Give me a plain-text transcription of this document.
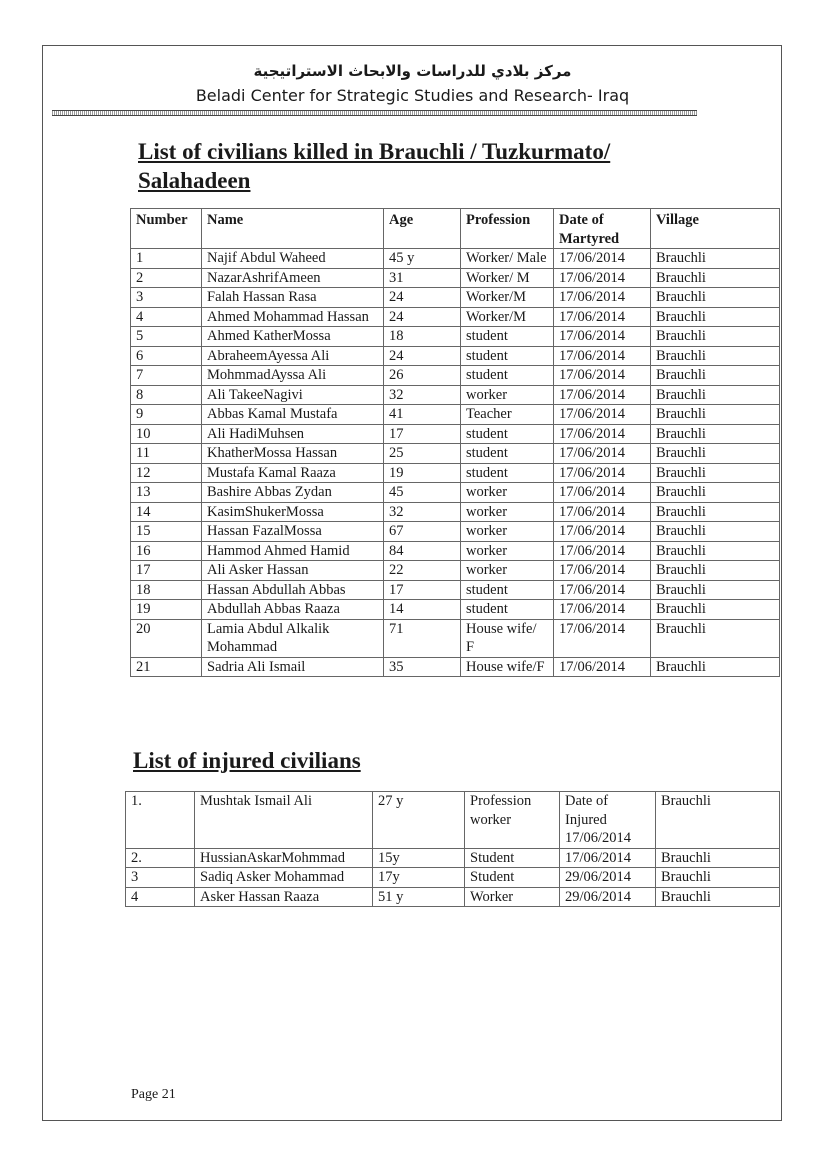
مركز بلادي للدراسات والابحاث الاستراتيجية
Beladi Center for Strategic Studies and Research- Iraq
List of civilians killed in Brauchli / Tuzkurmato/ Salahadeen
Number	Name	Age	Profession	Date of Martyred	Village
1	Najif Abdul Waheed	45 y	Worker/ Male	17/06/2014	Brauchli
2	NazarAshrifAmeen	31	Worker/ M	17/06/2014	Brauchli
3	Falah Hassan Rasa	24	Worker/M	17/06/2014	Brauchli
4	Ahmed Mohammad Hassan	24	Worker/M	17/06/2014	Brauchli
5	Ahmed KatherMossa	18	student	17/06/2014	Brauchli
6	AbraheemAyessa Ali	24	student	17/06/2014	Brauchli
7	MohmmadAyssa Ali	26	student	17/06/2014	Brauchli
8	Ali TakeeNagivi	32	worker	17/06/2014	Brauchli
9	Abbas Kamal Mustafa	41	Teacher	17/06/2014	Brauchli
10	Ali HadiMuhsen	17	student	17/06/2014	Brauchli
11	KhatherMossa Hassan	25	student	17/06/2014	Brauchli
12	Mustafa Kamal Raaza	19	student	17/06/2014	Brauchli
13	Bashire Abbas Zydan	45	worker	17/06/2014	Brauchli
14	KasimShukerMossa	32	worker	17/06/2014	Brauchli
15	Hassan FazalMossa	67	worker	17/06/2014	Brauchli
16	Hammod Ahmed Hamid	84	worker	17/06/2014	Brauchli
17	Ali Asker Hassan	22	worker	17/06/2014	Brauchli
18	Hassan Abdullah Abbas	17	student	17/06/2014	Brauchli
19	Abdullah Abbas Raaza	14	student	17/06/2014	Brauchli
20	Lamia Abdul Alkalik Mohammad	71	House wife/ F	17/06/2014	Brauchli
21	Sadria Ali Ismail	35	House wife/F	17/06/2014	Brauchli
List of injured civilians
1.	Mushtak Ismail Ali	27 y	Profession worker	Date of Injured 17/06/2014	Brauchli
2.	HussianAskarMohmmad	15y	Student	17/06/2014	Brauchli
3	Sadiq Asker Mohammad	17y	Student	29/06/2014	Brauchli
4	Asker Hassan Raaza	51 y	Worker	29/06/2014	Brauchli
Page 21
